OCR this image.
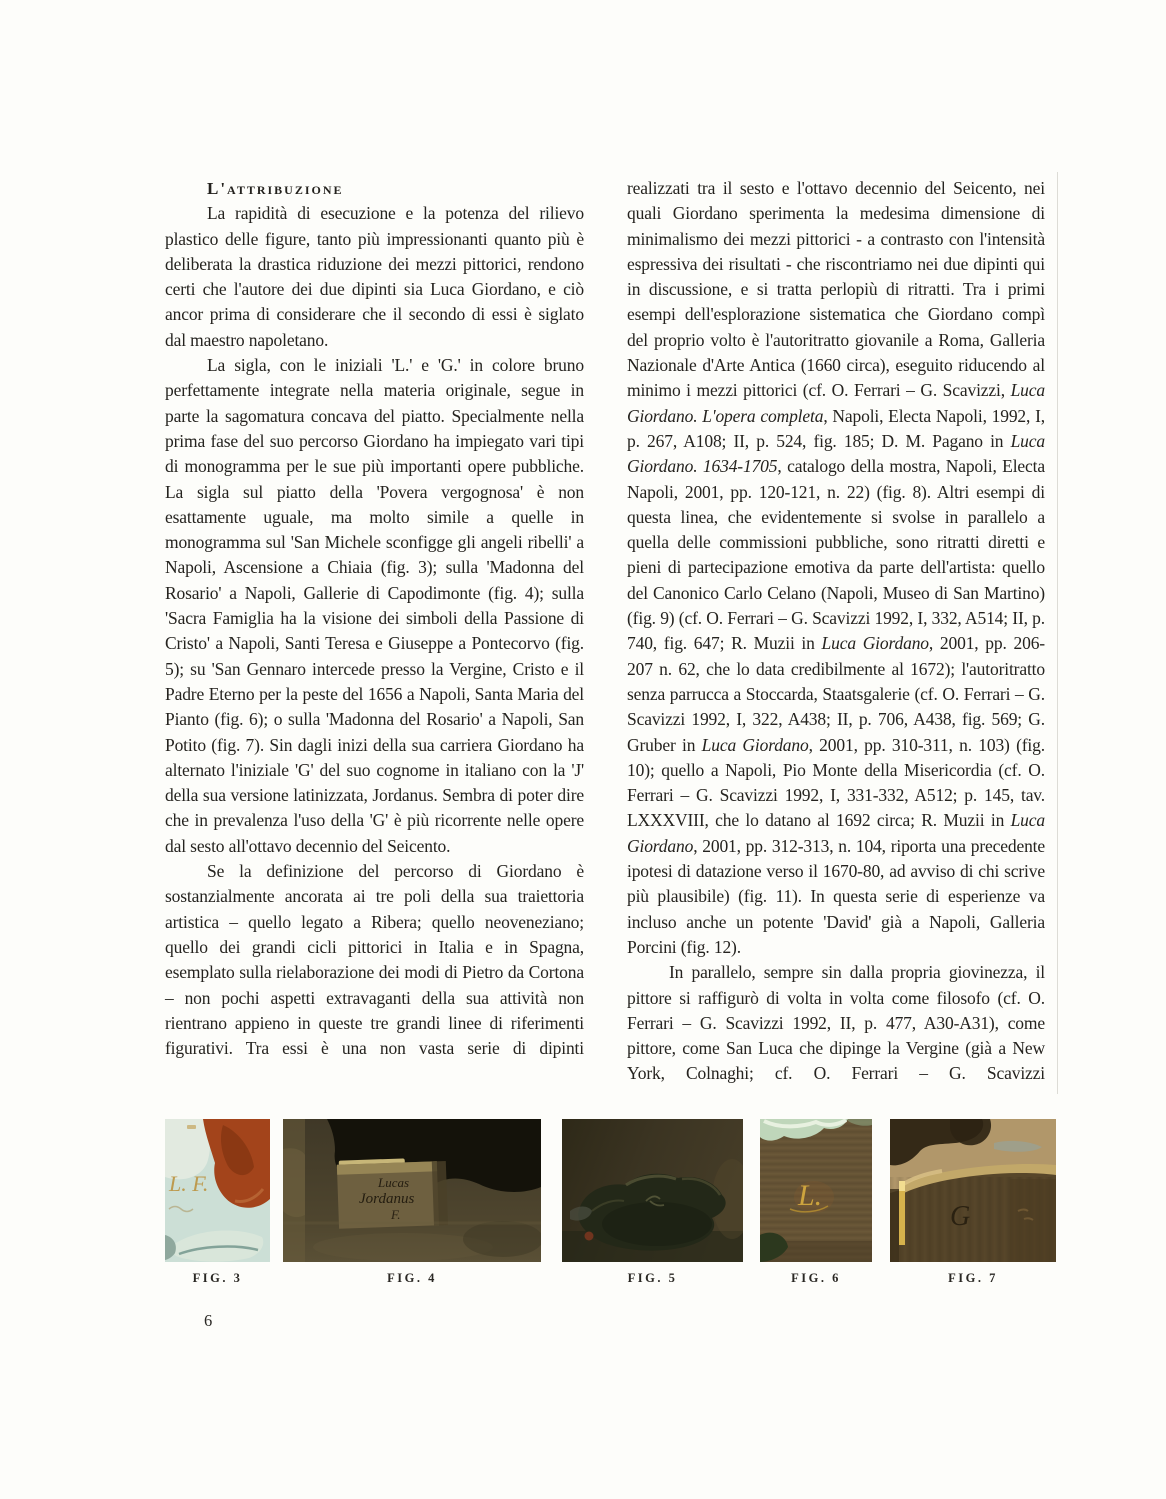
L'attribuzione

La rapidità di esecuzione e la potenza del rilievo plastico delle figure, tanto più impressionanti quanto più è deliberata la drastica riduzione dei mezzi pittorici, rendono certi che l'autore dei due dipinti sia Luca Giordano, e ciò ancor prima di considerare che il secondo di essi è siglato dal maestro napoletano.

La sigla, con le iniziali 'L.' e 'G.' in colore bruno perfettamente integrate nella materia originale, segue in parte la sagomatura concava del piatto. Specialmente nella prima fase del suo percorso Giordano ha impiegato vari tipi di monogramma per le sue più importanti opere pubbliche. La sigla sul piatto della 'Povera vergognosa' è non esattamente uguale, ma molto simile a quelle in monogramma sul 'San Michele sconfigge gli angeli ribelli' a Napoli, Ascensione a Chiaia (fig. 3); sulla 'Madonna del Rosario' a Napoli, Gallerie di Capodimonte (fig. 4); sulla 'Sacra Famiglia ha la visione dei simboli della Passione di Cristo' a Napoli, Santi Teresa e Giuseppe a Pontecorvo (fig. 5); su 'San Gennaro intercede presso la Vergine, Cristo e il Padre Eterno per la peste del 1656 a Napoli, Santa Maria del Pianto (fig. 6); o sulla 'Madonna del Rosario' a Napoli, San Potito (fig. 7). Sin dagli inizi della sua carriera Giordano ha alternato l'iniziale 'G' del suo cognome in italiano con la 'J' della sua versione latinizzata, Jordanus. Sembra di poter dire che in prevalenza l'uso della 'G' è più ricorrente nelle opere dal sesto all'ottavo decennio del Seicento.

Se la definizione del percorso di Giordano è sostanzialmente ancorata ai tre poli della sua traiettoria artistica – quello legato a Ribera; quello neoveneziano; quello dei grandi cicli pittorici in Italia e in Spagna, esemplato sulla rielaborazione dei modi di Pietro da Cortona – non pochi aspetti extravaganti della sua attività non rientrano appieno in queste tre grandi linee di riferimenti figurativi. Tra essi è una non vasta serie di dipinti

realizzati tra il sesto e l'ottavo decennio del Seicento, nei quali Giordano sperimenta la medesima dimensione di minimalismo dei mezzi pittorici - a contrasto con l'intensità espressiva dei risultati - che riscontriamo nei due dipinti qui in discussione, e si tratta perlopiù di ritratti. Tra i primi esempi dell'esplorazione sistematica che Giordano compì del proprio volto è l'autoritratto giovanile a Roma, Galleria Nazionale d'Arte Antica (1660 circa), eseguito riducendo al minimo i mezzi pittorici (cf. O. Ferrari – G. Scavizzi, Luca Giordano. L'opera completa, Napoli, Electa Napoli, 1992, I, p. 267, A108; II, p. 524, fig. 185; D. M. Pagano in Luca Giordano. 1634-1705, catalogo della mostra, Napoli, Electa Napoli, 2001, pp. 120-121, n. 22) (fig. 8). Altri esempi di questa linea, che evidentemente si svolse in parallelo a quella delle commissioni pubbliche, sono ritratti diretti e pieni di partecipazione emotiva da parte dell'artista: quello del Canonico Carlo Celano (Napoli, Museo di San Martino) (fig. 9) (cf. O. Ferrari – G. Scavizzi 1992, I, 332, A514; II, p. 740, fig. 647; R. Muzii in Luca Giordano, 2001, pp. 206-207 n. 62, che lo data credibilmente al 1672); l'autoritratto senza parrucca a Stoccarda, Staatsgalerie (cf. O. Ferrari – G. Scavizzi 1992, I, 322, A438; II, p. 706, A438, fig. 569; G. Gruber in Luca Giordano, 2001, pp. 310-311, n. 103) (fig. 10); quello a Napoli, Pio Monte della Misericordia (cf. O. Ferrari – G. Scavizzi 1992, I, 331-332, A512; p. 145, tav. LXXXVIII, che lo datano al 1692 circa; R. Muzii in Luca Giordano, 2001, pp. 312-313, n. 104, riporta una precedente ipotesi di datazione verso il 1670-80, ad avviso di chi scrive più plausibile) (fig. 11). In questa serie di esperienze va incluso anche un potente 'David' già a Napoli, Galleria Porcini (fig. 12).

In parallelo, sempre sin dalla propria giovinezza, il pittore si raffigurò di volta in volta come filosofo (cf. O. Ferrari – G. Scavizzi 1992, II, p. 477, A30-A31), come pittore, come San Luca che dipinge la Vergine (già a New York, Colnaghi; cf. O. Ferrari – G. Scavizzi

L. F.	Lucas
Jordanus
F.
L.
G
FIG. 3	FIG. 4	FIG. 5	FIG. 6	FIG. 7
6
